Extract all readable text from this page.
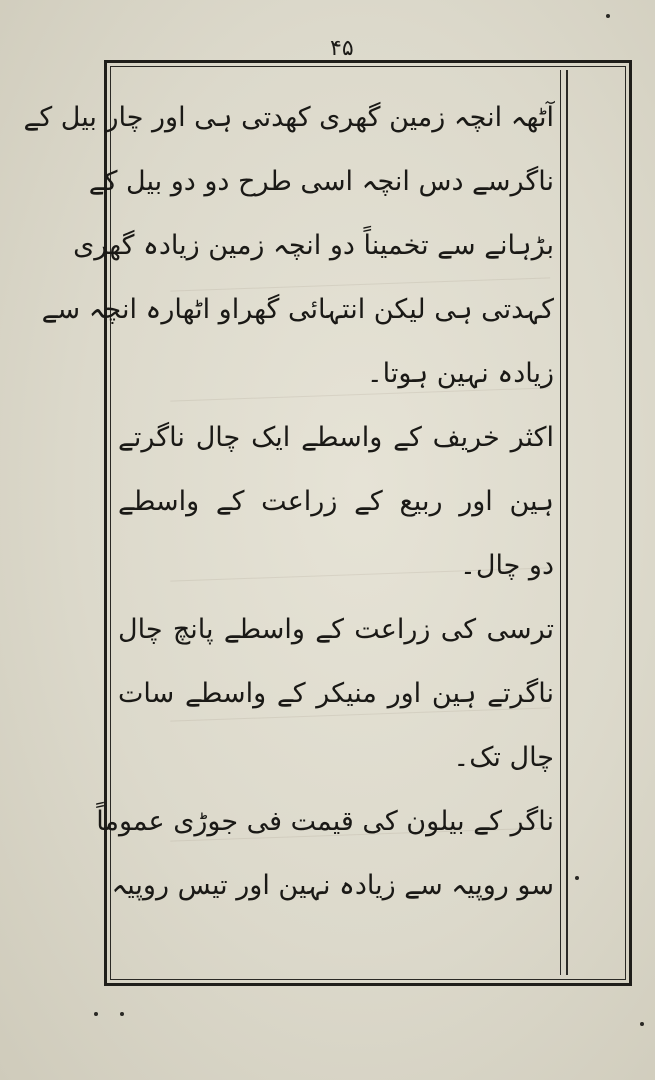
۴۵
آٹھہ انچہ زمین گھری کھدتی ہی اور چار بیل کے
ناگرسے دس انچہ اسی طرح دو دو بیل کے
بڑہانے سے تخمیناً دو انچہ زمین زیادہ گھری
کہدتی ہی لیکن انتہائی گھراو اٹھارہ انچہ سے
زیادہ نہین ہوتا۔
اکثر خریف کے واسطے ایک چال ناگرتے
ہین اور ربیع کے زراعت کے واسطے
دو چال۔
ترسی کی زراعت کے واسطے پانچ چال
ناگرتے ہین اور منیکر کے واسطے سات
چال تک۔
ناگر کے بیلون کی قیمت فی جوڑی عموماً
سو روپیہ سے زیادہ نہین اور تیس روپیہ
